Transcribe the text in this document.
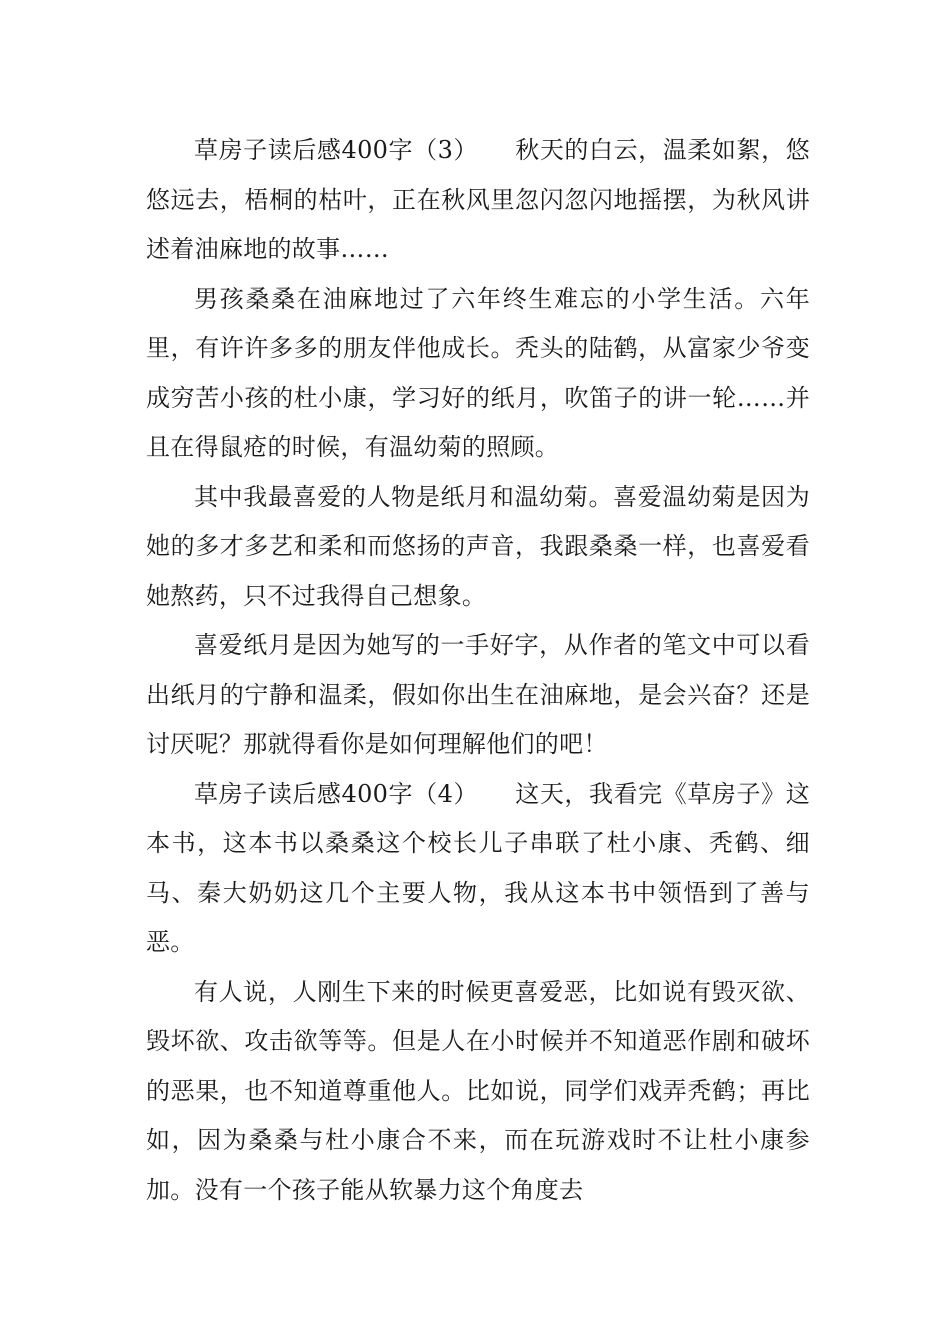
草房子读后感400字（3）　　秋天的白云，温柔如絮，悠悠远去，梧桐的枯叶，正在秋风里忽闪忽闪地摇摆，为秋风讲述着油麻地的故事……

男孩桑桑在油麻地过了六年终生难忘的小学生活。六年里，有许许多多的朋友伴他成长。秃头的陆鹤，从富家少爷变成穷苦小孩的杜小康，学习好的纸月，吹笛子的讲一轮……并且在得鼠疮的时候，有温幼菊的照顾。

其中我最喜爱的人物是纸月和温幼菊。喜爱温幼菊是因为她的多才多艺和柔和而悠扬的声音，我跟桑桑一样，也喜爱看她熬药，只不过我得自己想象。

喜爱纸月是因为她写的一手好字，从作者的笔文中可以看出纸月的宁静和温柔，假如你出生在油麻地，是会兴奋？还是讨厌呢？那就得看你是如何理解他们的吧！

草房子读后感400字（4）　　这天，我看完《草房子》这本书，这本书以桑桑这个校长儿子串联了杜小康、秃鹤、细马、秦大奶奶这几个主要人物，我从这本书中领悟到了善与恶。

有人说，人刚生下来的时候更喜爱恶，比如说有毁灭欲、毁坏欲、攻击欲等等。但是人在小时候并不知道恶作剧和破坏的恶果，也不知道尊重他人。比如说，同学们戏弄秃鹤；再比如，因为桑桑与杜小康合不来，而在玩游戏时不让杜小康参加。没有一个孩子能从软暴力这个角度去
